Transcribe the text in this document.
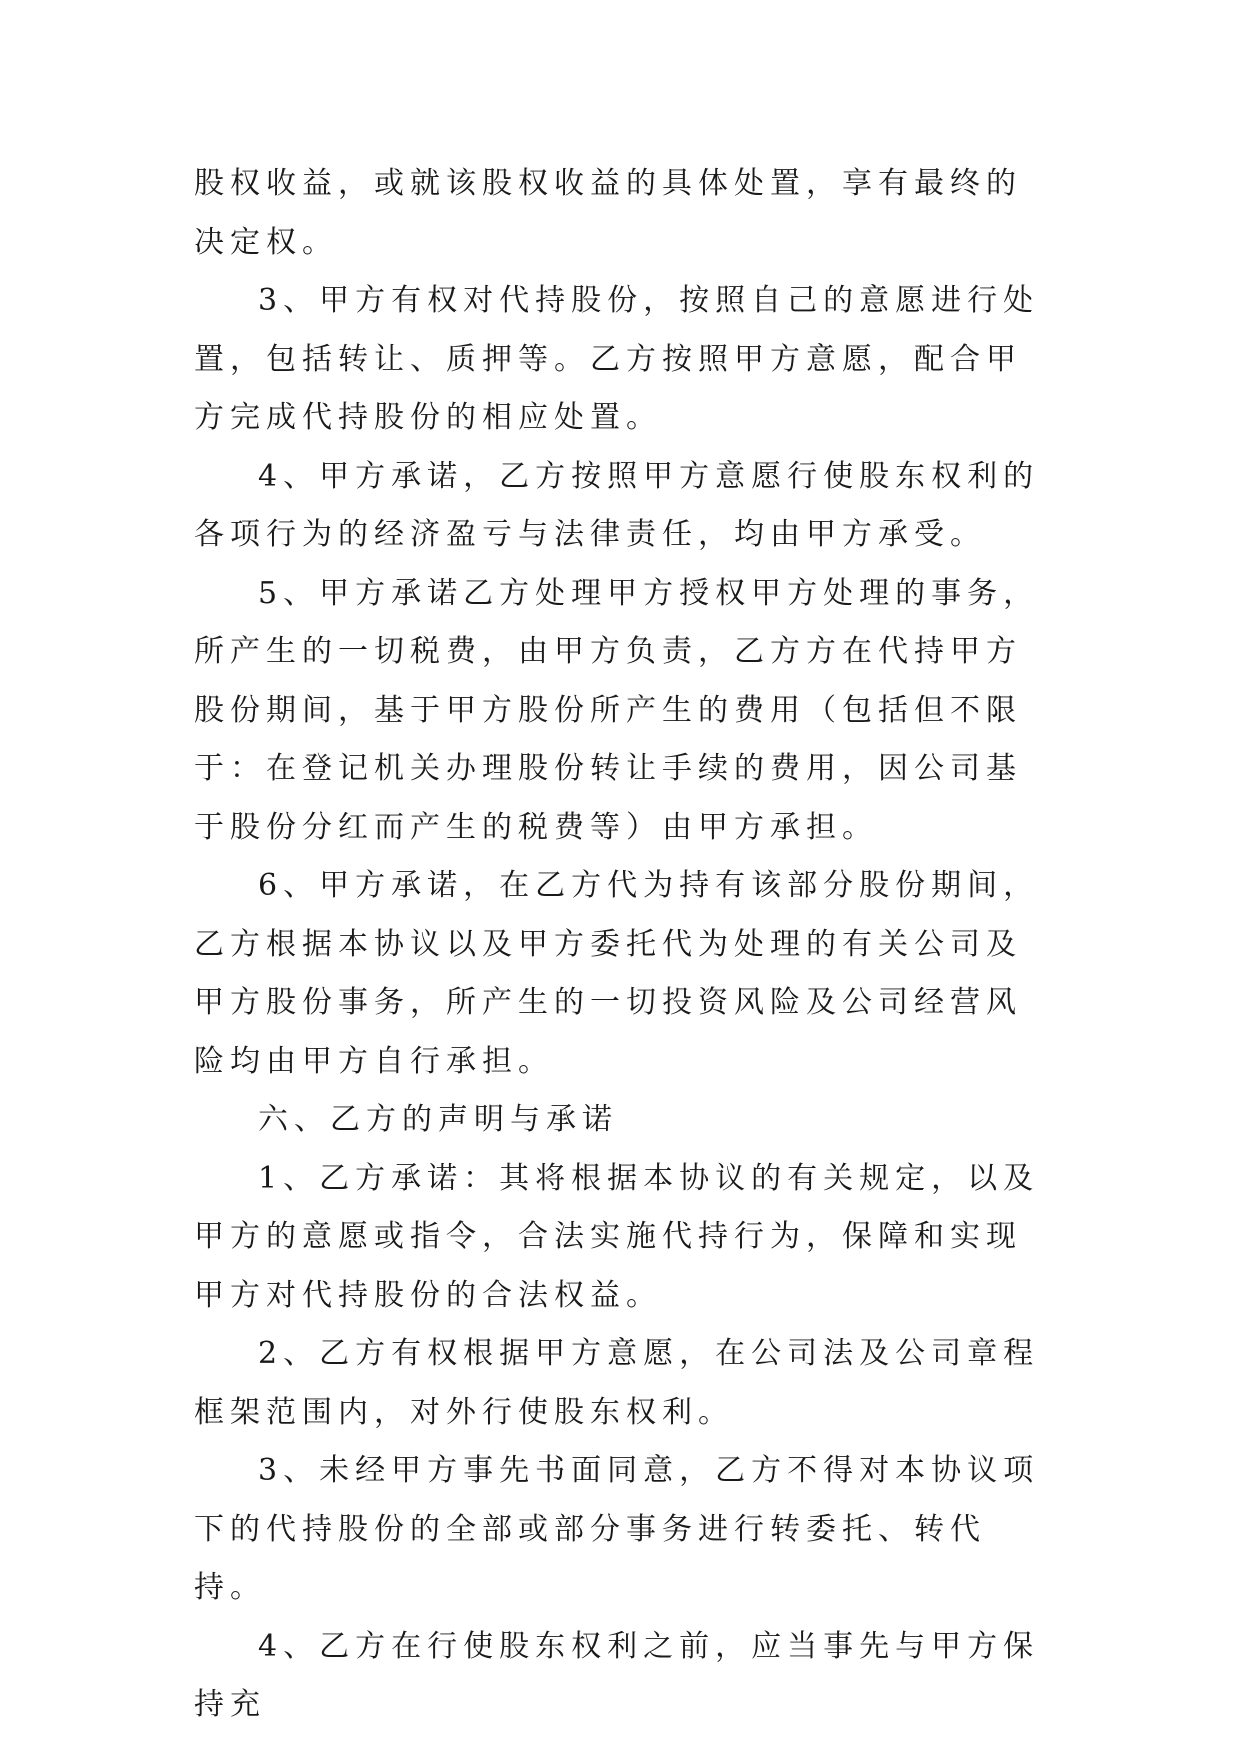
股权收益，或就该股权收益的具体处置，享有最终的决定权。

3、甲方有权对代持股份，按照自己的意愿进行处置，包括转让、质押等。乙方按照甲方意愿，配合甲方完成代持股份的相应处置。

4、甲方承诺，乙方按照甲方意愿行使股东权利的各项行为的经济盈亏与法律责任，均由甲方承受。

5、甲方承诺乙方处理甲方授权甲方处理的事务，所产生的一切税费，由甲方负责，乙方方在代持甲方股份期间，基于甲方股份所产生的费用（包括但不限于：在登记机关办理股份转让手续的费用，因公司基于股份分红而产生的税费等）由甲方承担。

6、甲方承诺，在乙方代为持有该部分股份期间，乙方根据本协议以及甲方委托代为处理的有关公司及甲方股份事务，所产生的一切投资风险及公司经营风险均由甲方自行承担。

六、乙方的声明与承诺

1、乙方承诺：其将根据本协议的有关规定，以及甲方的意愿或指令，合法实施代持行为，保障和实现甲方对代持股份的合法权益。

2、乙方有权根据甲方意愿，在公司法及公司章程框架范围内，对外行使股东权利。

3、未经甲方事先书面同意，乙方不得对本协议项下的代持股份的全部或部分事务进行转委托、转代持。

4、乙方在行使股东权利之前，应当事先与甲方保持充
